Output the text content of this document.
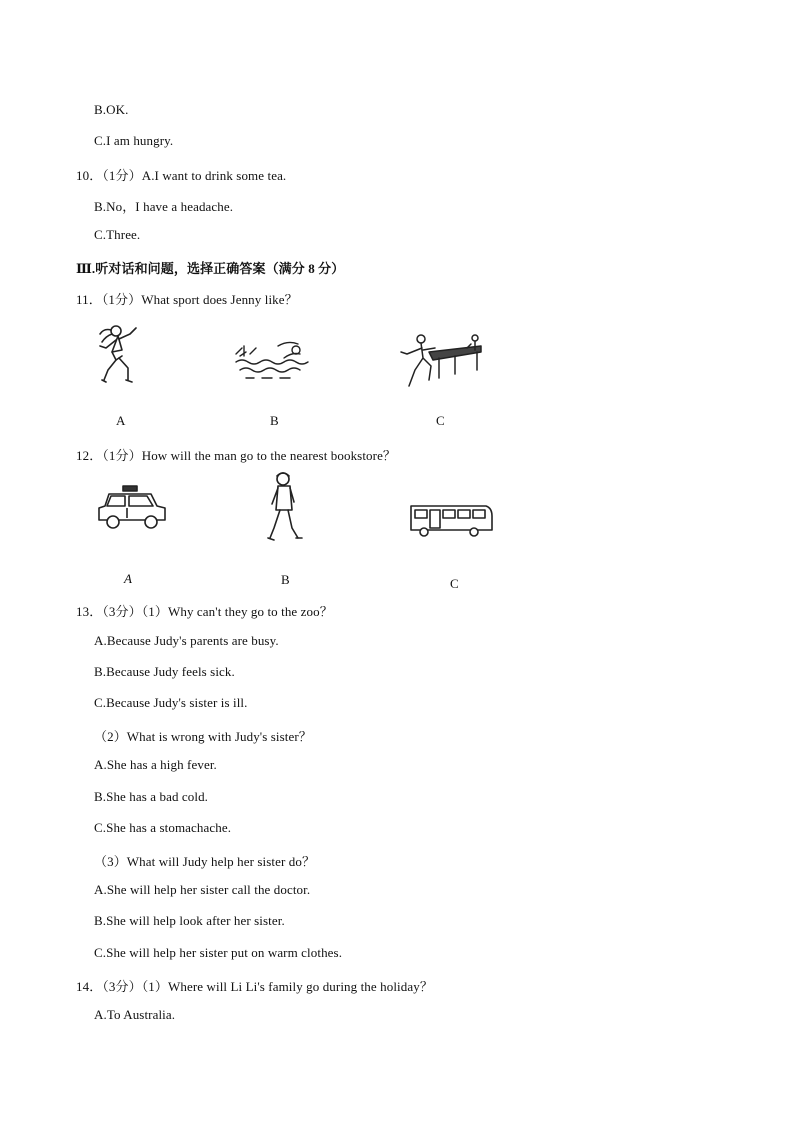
B.OK.
C.I am hungry.
10．（1分）A.I want to drink some tea.
B.No，I have a headache.
C.Three.
Ⅲ.听对话和问题，选择正确答案（满分 8 分）
11．（1分）What sport does Jenny like？
A	B	C
12．（1分）How will the man go to the nearest bookstore？
A	B	C
13．（3分）（1）Why can't they go to the zoo？
A.Because Judy's parents are busy.
B.Because Judy feels sick.
C.Because Judy's sister is ill.
（2）What is wrong with Judy's sister？
A.She has a high fever.
B.She has a bad cold.
C.She has a stomachache.
（3）What will Judy help her sister do？
A.She will help her sister call the doctor.
B.She will help look after her sister.
C.She will help her sister put on warm clothes.
14．（3分）（1）Where will Li Li's family go during the holiday？
A.To Australia.
